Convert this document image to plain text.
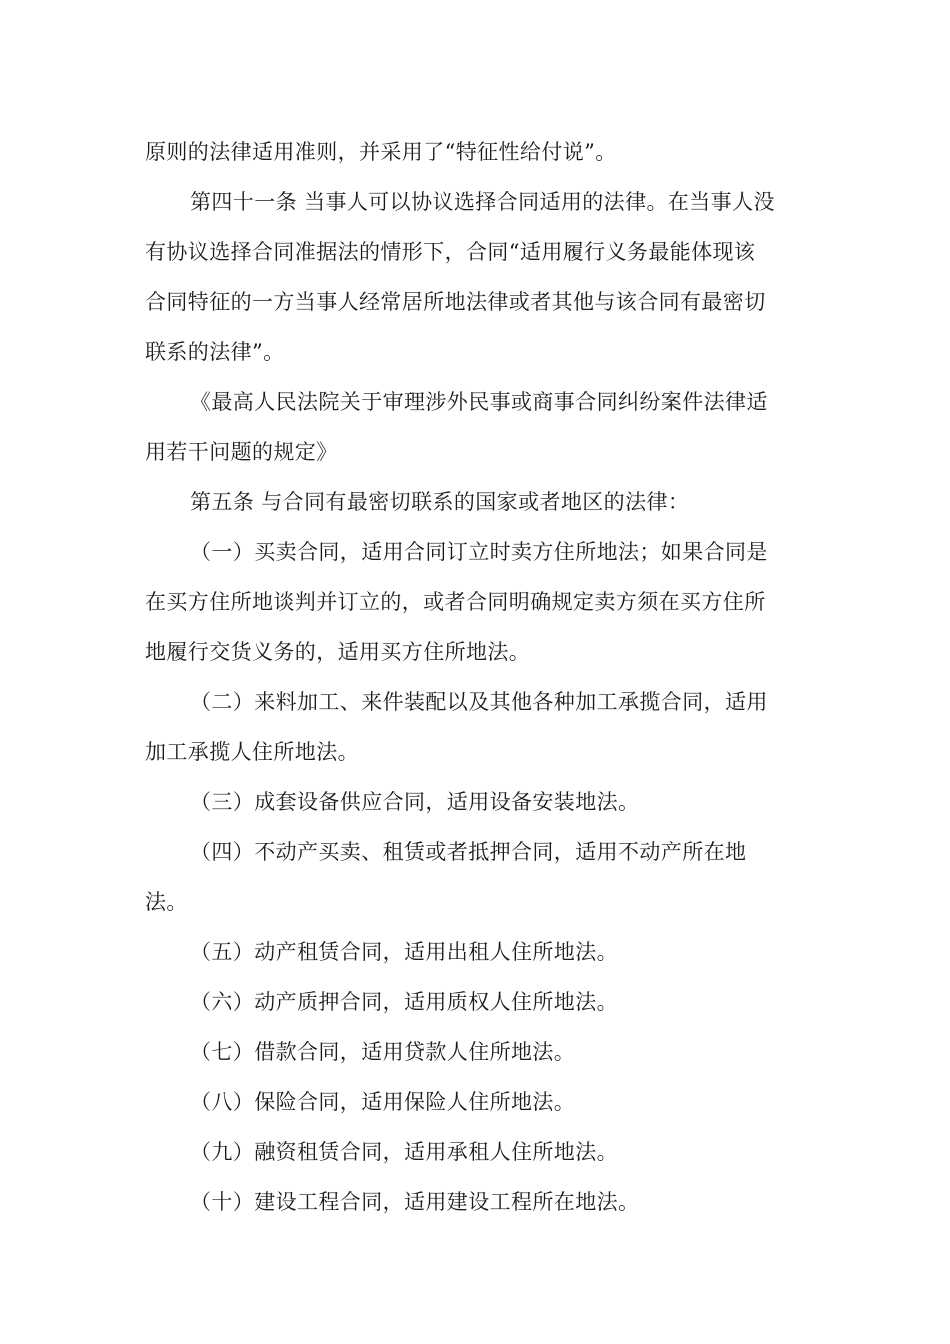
原则的法律适用准则，并采用了“特征性给付说”。
第四十一条 当事人可以协议选择合同适用的法律。在当事人没
有协议选择合同准据法的情形下，合同“适用履行义务最能体现该
合同特征的一方当事人经常居所地法律或者其他与该合同有最密切
联系的法律”。
《最高人民法院关于审理涉外民事或商事合同纠纷案件法律适
用若干问题的规定》
第五条 与合同有最密切联系的国家或者地区的法律：
（一）买卖合同，适用合同订立时卖方住所地法；如果合同是
在买方住所地谈判并订立的，或者合同明确规定卖方须在买方住所
地履行交货义务的，适用买方住所地法。
（二）来料加工、来件装配以及其他各种加工承揽合同，适用
加工承揽人住所地法。
（三）成套设备供应合同，适用设备安装地法。
（四）不动产买卖、租赁或者抵押合同，适用不动产所在地
法。
（五）动产租赁合同，适用出租人住所地法。
（六）动产质押合同，适用质权人住所地法。
（七）借款合同，适用贷款人住所地法。
（八）保险合同，适用保险人住所地法。
（九）融资租赁合同，适用承租人住所地法。
（十）建设工程合同，适用建设工程所在地法。
